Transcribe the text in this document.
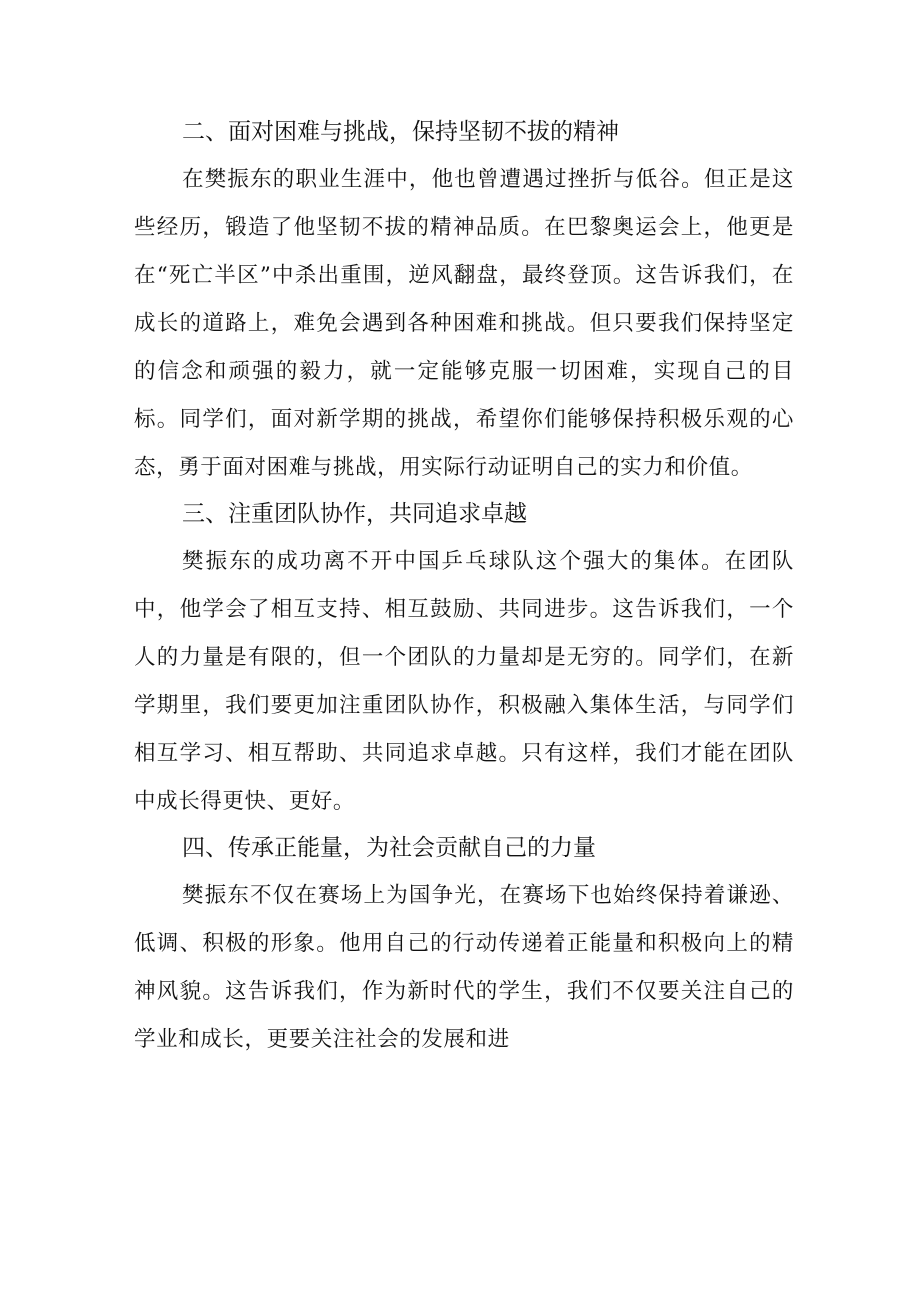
二、面对困难与挑战，保持坚韧不拔的精神

在樊振东的职业生涯中，他也曾遭遇过挫折与低谷。但正是这些经历，锻造了他坚韧不拔的精神品质。在巴黎奥运会上，他更是在“死亡半区”中杀出重围，逆风翻盘，最终登顶。这告诉我们，在成长的道路上，难免会遇到各种困难和挑战。但只要我们保持坚定的信念和顽强的毅力，就一定能够克服一切困难，实现自己的目标。同学们，面对新学期的挑战，希望你们能够保持积极乐观的心态，勇于面对困难与挑战，用实际行动证明自己的实力和价值。

三、注重团队协作，共同追求卓越

樊振东的成功离不开中国乒乓球队这个强大的集体。在团队中，他学会了相互支持、相互鼓励、共同进步。这告诉我们，一个人的力量是有限的，但一个团队的力量却是无穷的。同学们，在新学期里，我们要更加注重团队协作，积极融入集体生活，与同学们相互学习、相互帮助、共同追求卓越。只有这样，我们才能在团队中成长得更快、更好。

四、传承正能量，为社会贡献自己的力量

樊振东不仅在赛场上为国争光，在赛场下也始终保持着谦逊、低调、积极的形象。他用自己的行动传递着正能量和积极向上的精神风貌。这告诉我们，作为新时代的学生，我们不仅要关注自己的学业和成长，更要关注社会的发展和进
